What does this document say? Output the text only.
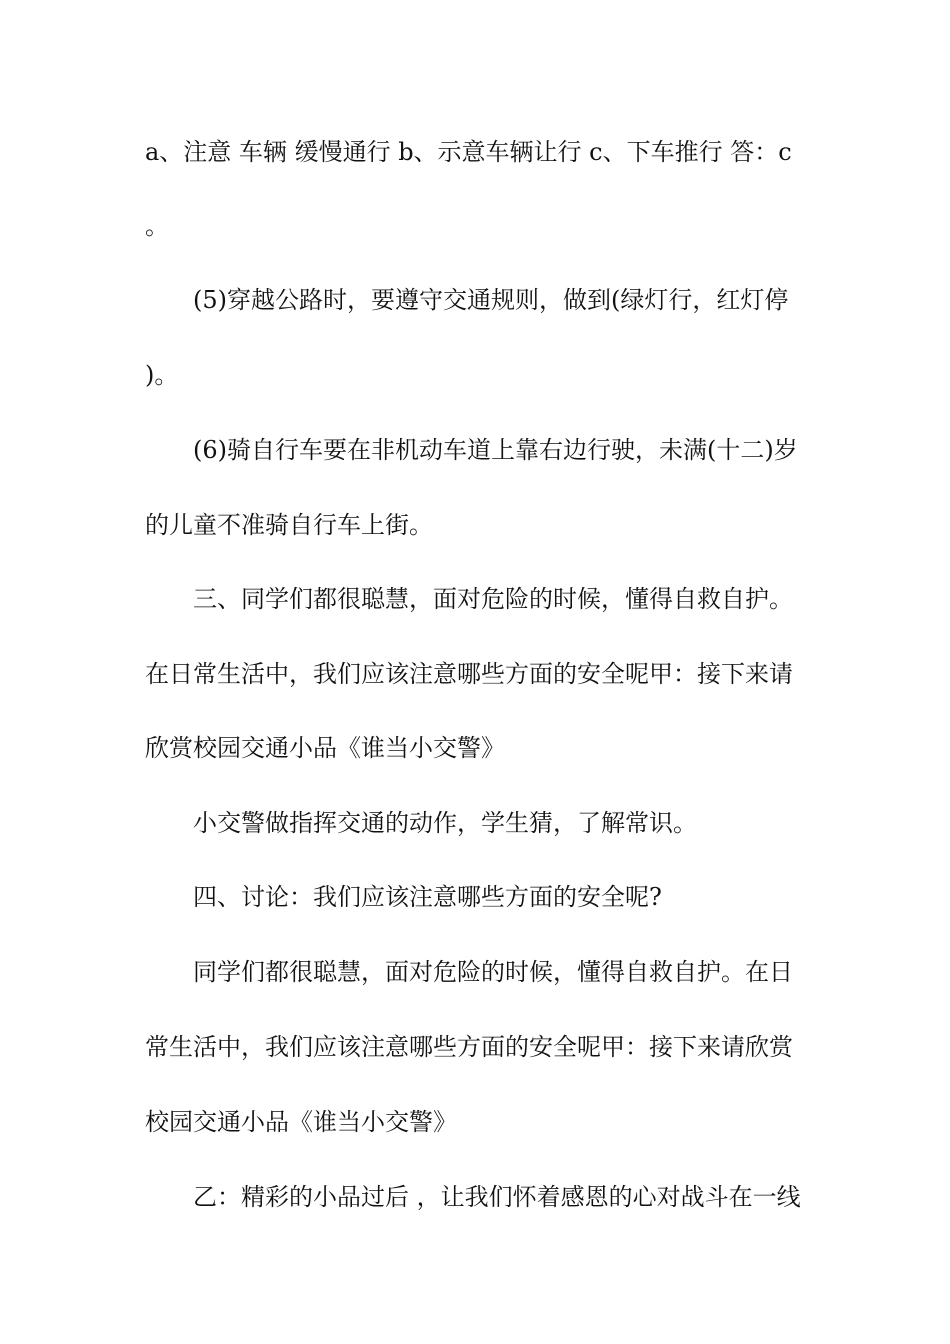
a、注意 车辆 缓慢通行 b、示意车辆让行 c、下车推行 答：c
。
(5)穿越公路时，要遵守交通规则，做到(绿灯行，红灯停
)。
(6)骑自行车要在非机动车道上靠右边行驶，未满(十二)岁
的儿童不准骑自行车上街。
三、同学们都很聪慧，面对危险的时候，懂得自救自护。
在日常生活中，我们应该注意哪些方面的安全呢甲：接下来请
欣赏校园交通小品《谁当小交警》
小交警做指挥交通的动作，学生猜，了解常识。
四、讨论：我们应该注意哪些方面的安全呢?
同学们都很聪慧，面对危险的时候，懂得自救自护。在日
常生活中，我们应该注意哪些方面的安全呢甲：接下来请欣赏
校园交通小品《谁当小交警》
乙：精彩的小品过后 ，让我们怀着感恩的心对战斗在一线
